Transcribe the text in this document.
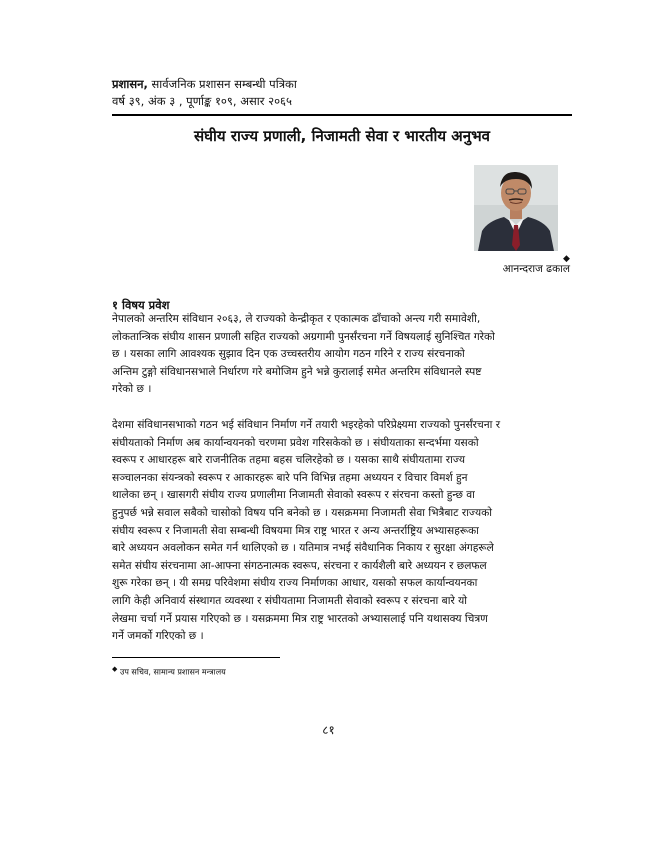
प्रशासन, सार्वजनिक प्रशासन सम्बन्धी पत्रिका
वर्ष ३९, अंक ३ , पूर्णाङ्क १०९, असार २०६५
संघीय राज्य प्रणाली, निजामती सेवा र भारतीय अनुभव
◆
आनन्दराज ढकाल
१ विषय प्रवेश
नेपालको अन्तरिम संविधान २०६३, ले राज्यको केन्द्रीकृत र एकात्मक ढाँचाको अन्त्य गरी समावेशी,
लोकतान्त्रिक संघीय शासन प्रणाली सहित राज्यको अग्रगामी पुनर्संरचना गर्ने विषयलाई सुनिश्चित गरेको
छ । यसका लागि आवश्यक सुझाव दिन एक उच्चस्तरीय आयोग गठन गरिने र राज्य संरचनाको
अन्तिम टुङ्गो संविधानसभाले निर्धारण गरे बमोजिम हुने भन्ने कुरालाई समेत अन्तरिम संविधानले स्पष्ट
गरेको छ ।
देशमा संविधानसभाको गठन भई संविधान निर्माण गर्ने तयारी भइरहेको परिप्रेक्ष्यमा राज्यको पुनर्संरचना र
संघीयताको निर्माण अब कार्यान्वयनको चरणमा प्रवेश गरिसकेको छ । संघीयताका सन्दर्भमा यसको
स्वरूप र आधारहरू बारे राजनीतिक तहमा बहस चलिरहेको छ । यसका साथै संघीयतामा राज्य
सञ्चालनका संयन्त्रको स्वरूप र आकारहरू बारे पनि विभिन्न तहमा अध्ययन र विचार विमर्श हुन
थालेका छन् । खासगरी संघीय राज्य प्रणालीमा निजामती सेवाको स्वरूप र संरचना कस्तो हुन्छ वा
हुनुपर्छ भन्ने सवाल सबैको चासोको विषय पनि बनेको छ । यसक्रममा निजामती सेवा भित्रैबाट राज्यको
संघीय स्वरूप र निजामती सेवा सम्बन्धी विषयमा मित्र राष्ट्र भारत र अन्य अन्तर्राष्ट्रिय अभ्यासहरूका
बारे अध्ययन अवलोकन समेत गर्न थालिएको छ । यतिमात्र नभई संवैधानिक निकाय र सुरक्षा अंगहरूले
समेत संघीय संरचनामा आ-आफ्ना संगठनात्मक स्वरूप, संरचना र कार्यशैली बारे अध्ययन र छलफल
शुरू गरेका छन् । यी समग्र परिवेशमा संघीय राज्य निर्माणका आधार, यसको सफल कार्यान्वयनका
लागि केही अनिवार्य संस्थागत व्यवस्था र संघीयतामा निजामती सेवाको स्वरूप र संरचना बारे यो
लेखमा चर्चा गर्ने प्रयास गरिएको छ । यसक्रममा मित्र राष्ट्र भारतको अभ्यासलाई पनि यथासक्य चित्रण
गर्ने जमर्को गरिएको छ ।
◆ उप सचिव, सामान्य प्रशासन मन्त्रालय
८१
